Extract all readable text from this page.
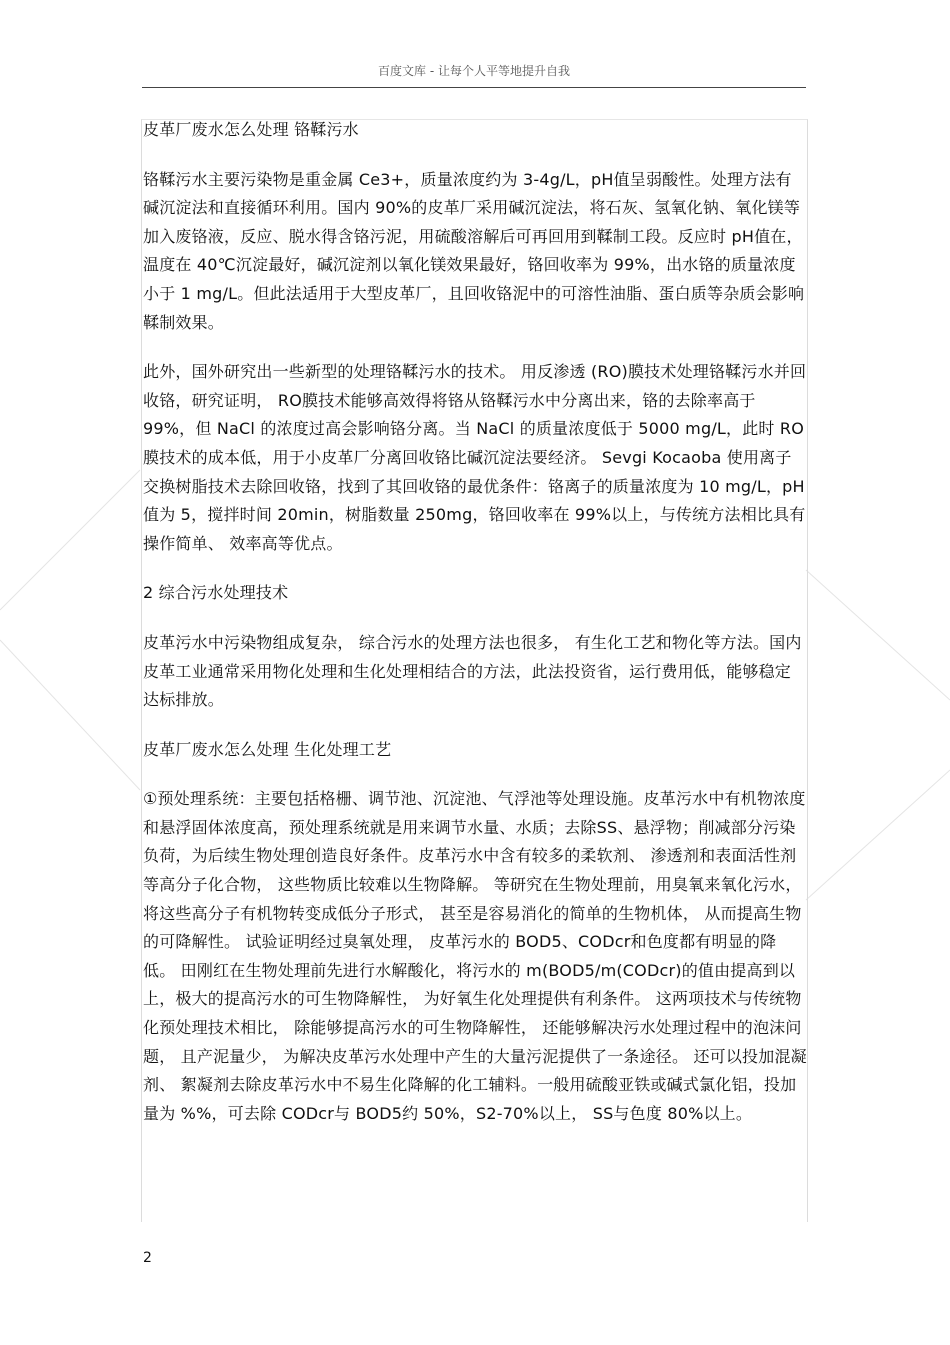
百度文库 - 让每个人平等地提升自我

皮革厂废水怎么处理 铬鞣污水

铬鞣污水主要污染物是重金属 Ce3+，质量浓度约为 3-4g/L，pH值呈弱酸性。处理方法有碱沉淀法和直接循环利用。国内 90%的皮革厂采用碱沉淀法，将石灰、氢氧化钠、氧化镁等加入废铬液，反应、脱水得含铬污泥，用硫酸溶解后可再回用到鞣制工段。反应时 pH值在，温度在 40℃沉淀最好，碱沉淀剂以氧化镁效果最好，铬回收率为 99%，出水铬的质量浓度小于 1 mg/L。但此法适用于大型皮革厂，且回收铬泥中的可溶性油脂、蛋白质等杂质会影响鞣制效果。

此外，国外研究出一些新型的处理铬鞣污水的技术。 用反渗透 (RO)膜技术处理铬鞣污水并回收铬，研究证明， RO膜技术能够高效得将铬从铬鞣污水中分离出来，铬的去除率高于 99%，但 NaCl 的浓度过高会影响铬分离。当 NaCl 的质量浓度低于 5000 mg/L，此时 RO膜技术的成本低，用于小皮革厂分离回收铬比碱沉淀法要经济。 Sevgi Kocaoba 使用离子交换树脂技术去除回收铬，找到了其回收铬的最优条件：铬离子的质量浓度为 10 mg/L，pH 值为 5，搅拌时间 20min，树脂数量 250mg，铬回收率在 99%以上，与传统方法相比具有操作简单、 效率高等优点。

2 综合污水处理技术

皮革污水中污染物组成复杂， 综合污水的处理方法也很多， 有生化工艺和物化等方法。国内皮革工业通常采用物化处理和生化处理相结合的方法，此法投资省，运行费用低，能够稳定达标排放。

皮革厂废水怎么处理 生化处理工艺

①预处理系统：主要包括格栅、调节池、沉淀池、气浮池等处理设施。皮革污水中有机物浓度和悬浮固体浓度高，预处理系统就是用来调节水量、水质；去除SS、悬浮物；削减部分污染负荷，为后续生物处理创造良好条件。皮革污水中含有较多的柔软剂、 渗透剂和表面活性剂等高分子化合物， 这些物质比较难以生物降解。 等研究在生物处理前，用臭氧来氧化污水，将这些高分子有机物转变成低分子形式， 甚至是容易消化的简单的生物机体， 从而提高生物的可降解性。 试验证明经过臭氧处理， 皮革污水的 BOD5、CODcr和色度都有明显的降低。 田刚红在生物处理前先进行水解酸化，将污水的 m(BOD5/m(CODcr)的值由提高到以上，极大的提高污水的可生物降解性， 为好氧生化处理提供有利条件。 这两项技术与传统物化预处理技术相比， 除能够提高污水的可生物降解性， 还能够解决污水处理过程中的泡沫问题， 且产泥量少， 为解决皮革污水处理中产生的大量污泥提供了一条途径。 还可以投加混凝剂、 絮凝剂去除皮革污水中不易生化降解的化工辅料。一般用硫酸亚铁或碱式氯化铝，投加量为 %%，可去除 CODcr与 BOD5约 50%，S2-70%以上， SS与色度 80%以上。

2
